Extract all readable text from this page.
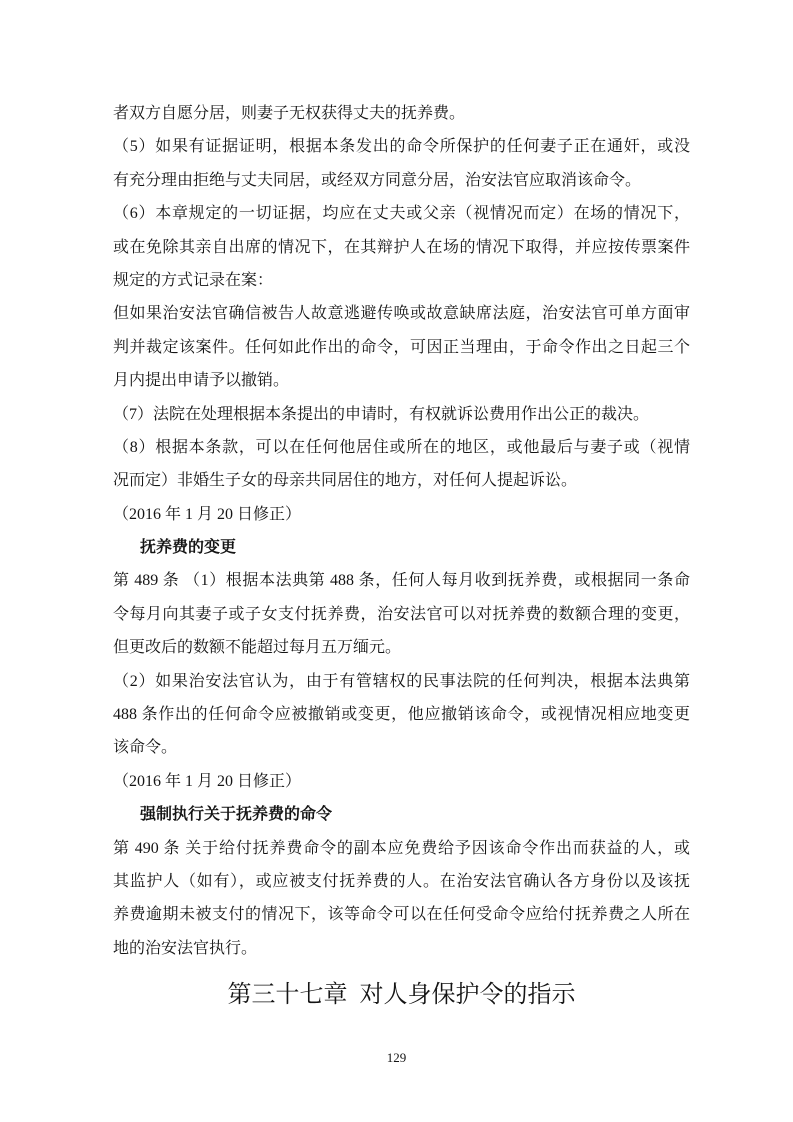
者双方自愿分居，则妻子无权获得丈夫的抚养费。
（5）如果有证据证明，根据本条发出的命令所保护的任何妻子正在通奸，或没
有充分理由拒绝与丈夫同居，或经双方同意分居，治安法官应取消该命令。
（6）本章规定的一切证据，均应在丈夫或父亲（视情况而定）在场的情况下，
或在免除其亲自出席的情况下，在其辩护人在场的情况下取得，并应按传票案件
规定的方式记录在案：
但如果治安法官确信被告人故意逃避传唤或故意缺席法庭，治安法官可单方面审
判并裁定该案件。任何如此作出的命令，可因正当理由，于命令作出之日起三个
月内提出申请予以撤销。
（7）法院在处理根据本条提出的申请时，有权就诉讼费用作出公正的裁决。
（8）根据本条款，可以在任何他居住或所在的地区，或他最后与妻子或（视情
况而定）非婚生子女的母亲共同居住的地方，对任何人提起诉讼。
（2016 年 1 月 20 日修正）
抚养费的变更
第 489 条 （1）根据本法典第 488 条，任何人每月收到抚养费，或根据同一条命
令每月向其妻子或子女支付抚养费，治安法官可以对抚养费的数额合理的变更，
但更改后的数额不能超过每月五万缅元。
（2）如果治安法官认为，由于有管辖权的民事法院的任何判决，根据本法典第
488 条作出的任何命令应被撤销或变更，他应撤销该命令，或视情况相应地变更
该命令。
（2016 年 1 月 20 日修正）
强制执行关于抚养费的命令
第 490 条 关于给付抚养费命令的副本应免费给予因该命令作出而获益的人，或
其监护人（如有），或应被支付抚养费的人。在治安法官确认各方身份以及该抚
养费逾期未被支付的情况下，该等命令可以在任何受命令应给付抚养费之人所在
地的治安法官执行。
第三十七章  对人身保护令的指示
129
